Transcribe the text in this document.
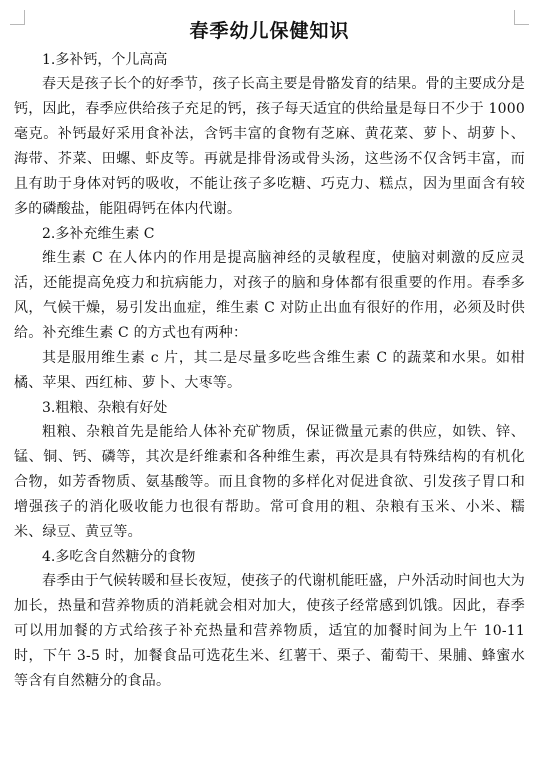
春季幼儿保健知识

1.多补钙，个儿高高

春天是孩子长个的好季节，孩子长高主要是骨骼发育的结果。骨的主要成分是钙，因此，春季应供给孩子充足的钙，孩子每天适宜的供给量是每日不少于 1000 毫克。补钙最好采用食补法，含钙丰富的食物有芝麻、黄花菜、萝卜、胡萝卜、海带、芥菜、田螺、虾皮等。再就是排骨汤或骨头汤，这些汤不仅含钙丰富，而且有助于身体对钙的吸收，不能让孩子多吃糖、巧克力、糕点，因为里面含有较多的磷酸盐，能阻碍钙在体内代谢。

2.多补充维生素 C

维生素 C 在人体内的作用是提高脑神经的灵敏程度，使脑对刺激的反应灵活，还能提高免疫力和抗病能力，对孩子的脑和身体都有很重要的作用。春季多风，气候干燥，易引发出血症，维生素 C 对防止出血有很好的作用，必须及时供给。补充维生素 C 的方式也有两种：

其是服用维生素 c 片，其二是尽量多吃些含维生素 C 的蔬菜和水果。如柑橘、苹果、西红柿、萝卜、大枣等。

3.粗粮、杂粮有好处

粗粮、杂粮首先是能给人体补充矿物质，保证微量元素的供应，如铁、锌、锰、铜、钙、磷等，其次是纤维素和各种维生素，再次是具有特殊结构的有机化合物，如芳香物质、氨基酸等。而且食物的多样化对促进食欲、引发孩子胃口和增强孩子的消化吸收能力也很有帮助。常可食用的粗、杂粮有玉米、小米、糯米、绿豆、黄豆等。

4.多吃含自然糖分的食物

春季由于气候转暖和昼长夜短，使孩子的代谢机能旺盛，户外活动时间也大为加长，热量和营养物质的消耗就会相对加大，使孩子经常感到饥饿。因此，春季可以用加餐的方式给孩子补充热量和营养物质，适宜的加餐时间为上午 10-11 时，下午 3-5 时，加餐食品可选花生米、红薯干、栗子、葡萄干、果脯、蜂蜜水等含有自然糖分的食品。
